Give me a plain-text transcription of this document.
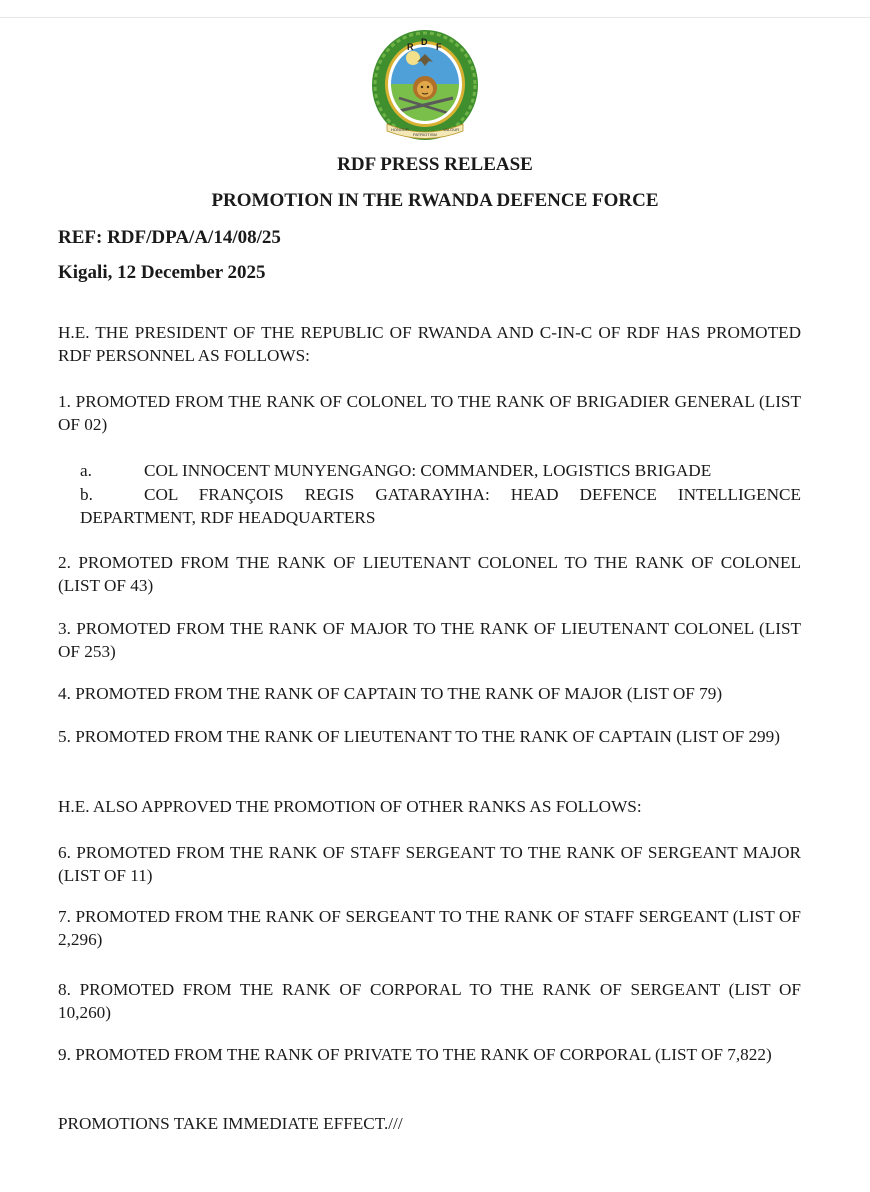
R D F
HONOUR
PATRIOTISM
VALOUR

RDF PRESS RELEASE

PROMOTION IN THE RWANDA DEFENCE FORCE

REF: RDF/DPA/A/14/08/25

Kigali, 12 December 2025

H.E. THE PRESIDENT OF THE REPUBLIC OF RWANDA AND C-IN-C OF RDF HAS PROMOTED RDF PERSONNEL AS FOLLOWS:

1. PROMOTED FROM THE RANK OF COLONEL TO THE RANK OF BRIGADIER GENERAL (LIST OF 02)

a.	COL INNOCENT MUNYENGANGO: COMMANDER, LOGISTICS BRIGADE

b.	COL FRANÇOIS REGIS GATARAYIHA: HEAD DEFENCE INTELLIGENCE DEPARTMENT, RDF HEADQUARTERS

2. PROMOTED FROM THE RANK OF LIEUTENANT COLONEL TO THE RANK OF COLONEL (LIST OF 43)

3. PROMOTED FROM THE RANK OF MAJOR TO THE RANK OF LIEUTENANT COLONEL (LIST OF 253)

4. PROMOTED FROM THE RANK OF CAPTAIN TO THE RANK OF MAJOR (LIST OF 79)

5. PROMOTED FROM THE RANK OF LIEUTENANT TO THE RANK OF CAPTAIN (LIST OF 299)

H.E. ALSO APPROVED THE PROMOTION OF OTHER RANKS AS FOLLOWS:

6. PROMOTED FROM THE RANK OF STAFF SERGEANT TO THE RANK OF SERGEANT MAJOR (LIST OF 11)

7. PROMOTED FROM THE RANK OF SERGEANT TO THE RANK OF STAFF SERGEANT (LIST OF 2,296)

8. PROMOTED FROM THE RANK OF CORPORAL TO THE RANK OF SERGEANT (LIST OF 10,260)

9. PROMOTED FROM THE RANK OF PRIVATE TO THE RANK OF CORPORAL (LIST OF 7,822)

PROMOTIONS TAKE IMMEDIATE EFFECT.///
